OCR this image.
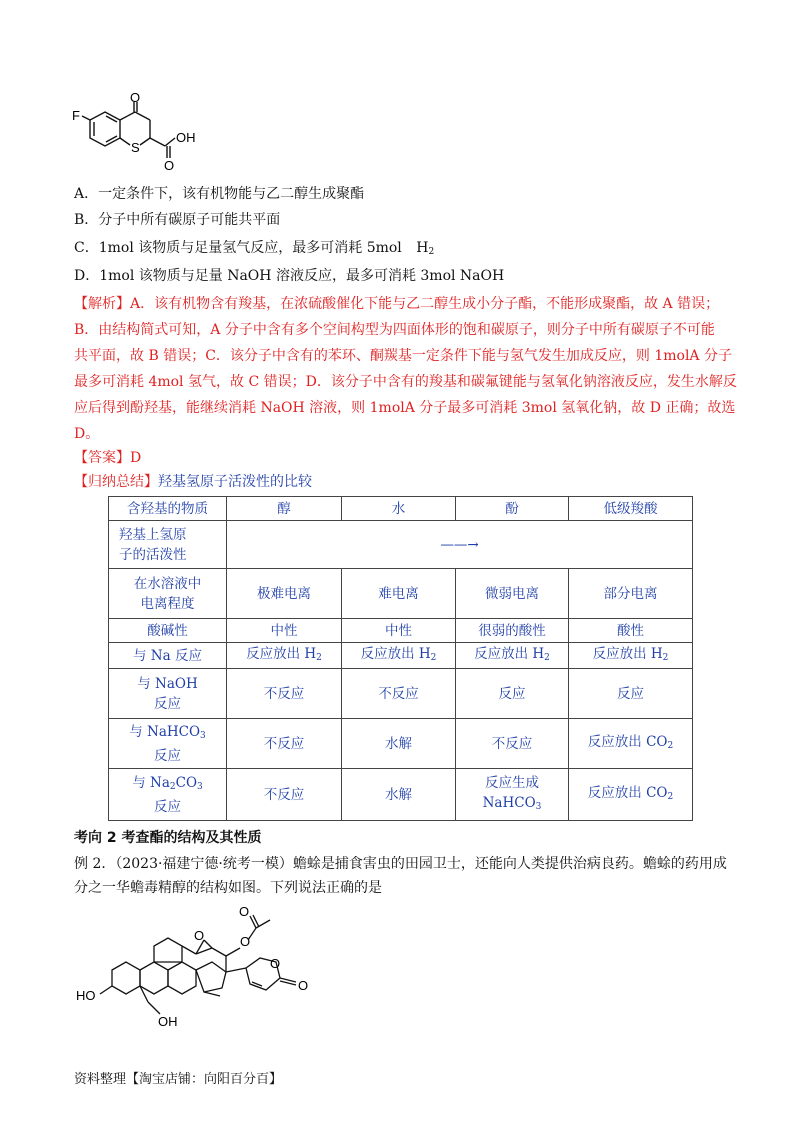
O
F
S
O
OH
A．一定条件下，该有机物能与乙二醇生成聚酯
B．分子中所有碳原子可能共平面
C．1mol 该物质与足量氢气反应，最多可消耗 5mol $H_2$
D．1mol 该物质与足量 NaOH 溶液反应，最多可消耗 3mol NaOH
【解析】A．该有机物含有羧基，在浓硫酸催化下能与乙二醇生成小分子酯，不能形成聚酯，故 A 错误；
B．由结构简式可知，A 分子中含有多个空间构型为四面体形的饱和碳原子，则分子中所有碳原子不可能
共平面，故 B 错误；C．该分子中含有的苯环、酮羰基一定条件下能与氢气发生加成反应，则 1molA 分子
最多可消耗 4mol 氢气，故 C 错误；D．该分子中含有的羧基和碳氟键能与氢氧化钠溶液反应，发生水解反
应后得到酚羟基，能继续消耗 NaOH 溶液，则 1molA 分子最多可消耗 3mol 氢氧化钠，故 D 正确；故选
D。
【答案】D
【归纳总结】羟基氢原子活泼性的比较
含羟基的物质	醇	水	酚	低级羧酸
羟基上氢原
子的活泼性	——→			
在水溶液中
电离程度	极难电离	难电离	微弱电离	部分电离
酸碱性	中性	中性	很弱的酸性	酸性
与 Na 反应	反应放出 $H_2$	反应放出 $H_2$	反应放出 $H_2$	反应放出 $H_2$
与 NaOH
反应	不反应	不反应	反应	反应
与 NaHCO$_3$
反应	不反应	水解	不反应	反应放出 $CO_2$
与 $Na_2CO_3$
反应	不反应	水解	反应生成
NaHCO$_3$	反应放出 $CO_2$
考向 2 考查酯的结构及其性质
例 2．（2023·福建宁德·统考一模）蟾蜍是捕食害虫的田园卫士，还能向人类提供治病良药。蟾蜍的药用成
分之一华蟾毒精醇的结构如图。下列说法正确的是
O
O
O
O
O
HO
OH
资料整理【淘宝店铺：向阳百分百】
